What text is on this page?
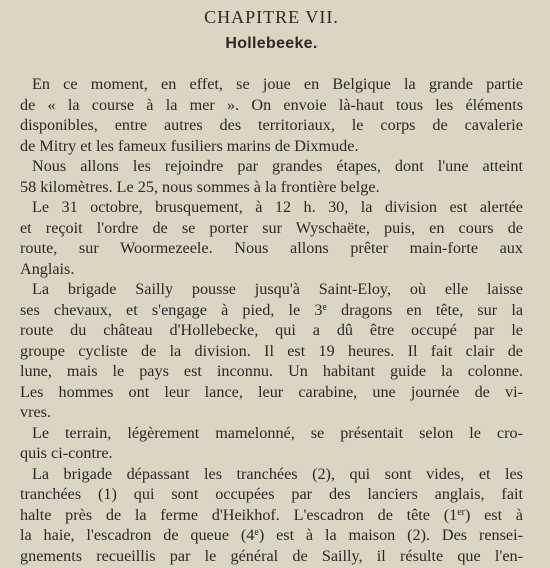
CHAPITRE VII.
Hollebeeke.
En ce moment, en effet, se joue en Belgique la grande partie
de « la course à la mer ». On envoie là-haut tous les éléments
disponibles, entre autres des territoriaux, le corps de cavalerie
de Mitry et les fameux fusiliers marins de Dixmude.
Nous allons les rejoindre par grandes étapes, dont l'une atteint
58 kilomètres. Le 25, nous sommes à la frontière belge.
Le 31 octobre, brusquement, à 12 h. 30, la division est alertée
et reçoit l'ordre de se porter sur Wyschaëte, puis, en cours de
route, sur Woormezeele. Nous allons prêter main-forte aux
Anglais.
La brigade Sailly pousse jusqu'à Saint-Eloy, où elle laisse
ses chevaux, et s'engage à pied, le 3e dragons en tête, sur la
route du château d'Hollebecke, qui a dû être occupé par le
groupe cycliste de la division. Il est 19 heures. Il fait clair de
lune, mais le pays est inconnu. Un habitant guide la colonne.
Les hommes ont leur lance, leur carabine, une journée de vi-
vres.
Le terrain, légèrement mamelonné, se présentait selon le cro-
quis ci-contre.
La brigade dépassant les tranchées (2), qui sont vides, et les
tranchées (1) qui sont occupées par des lanciers anglais, fait
halte près de la ferme d'Heikhof. L'escadron de tête (1er) est à
la haie, l'escadron de queue (4e) est à la maison (2). Des rensei-
gnements recueillis par le général de Sailly, il résulte que l'en-
